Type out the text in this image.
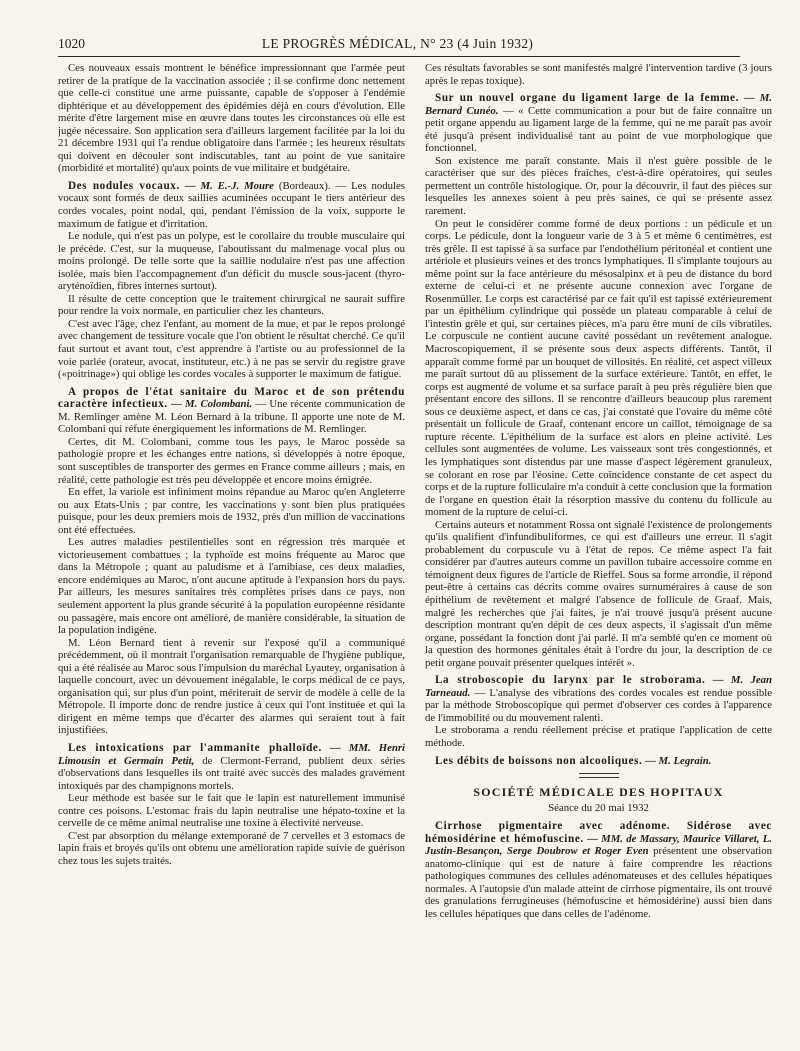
1020	LE PROGRÈS MÉDICAL, N° 23 (4 Juin 1932)

Ces nouveaux essais montrent le bénéfice impressionnant que l'armée peut retirer de la pratique de la vaccination associée ; il se confirme donc nettement que celle-ci constitue une arme puissante, capable de s'opposer à l'endémie diphtérique et au développement des épidémies déjà en cours d'évolution. Elle mérite d'être largement mise en œuvre dans toutes les circonstances où elle est jugée nécessaire. Son application sera d'ailleurs largement facilitée par la loi du 21 décembre 1931 qui l'a rendue obligatoire dans l'armée ; les heureux résultats qui doivent en découler sont indiscutables, tant au point de vue sanitaire (morbidité et mortalité) qu'aux points de vue militaire et budgétaire.

Des nodules vocaux. — M. E.-J. Moure (Bordeaux). — Les nodules vocaux sont formés de deux saillies acuminées occupant le tiers antérieur des cordes vocales, point nodal, qui, pendant l'émission de la voix, supporte le maximum de fatigue et d'irritation.

Le nodule, qui n'est pas un polype, est le corollaire du trouble musculaire qui le précède. C'est, sur la muqueuse, l'aboutissant du malmenage vocal plus ou moins prolongé. De telle sorte que la saillie nodulaire n'est pas une affection isolée, mais bien l'accompagnement d'un déficit du muscle sous-jacent (thyro-aryténoïdien, fibres internes surtout).

Il résulte de cette conception que le traitement chirurgical ne saurait suffire pour rendre la voix normale, en particulier chez les chanteurs.

C'est avec l'âge, chez l'enfant, au moment de la mue, et par le repos prolongé avec changement de tessiture vocale que l'on obtient le résultat cherché. Ce qu'il faut surtout et avant tout, c'est apprendre à l'artiste ou au professionnel de la voie parlée (orateur, avocat, instituteur, etc.) à ne pas se servir du registre grave («poitrinage») qui oblige les cordes vocales à supporter le maximum de fatigue.

A propos de l'état sanitaire du Maroc et de son prétendu caractère infectieux. — M. Colombani. — Une récente communication de M. Remlinger amène M. Léon Bernard à la tribune. Il apporte une note de M. Colombani qui réfute énergiquement les informations de M. Remlinger.

Certes, dit M. Colombani, comme tous les pays, le Maroc possède sa pathologie propre et les échanges entre nations, si développés à notre époque, sont susceptibles de transporter des germes en France comme ailleurs ; mais, en réalité, cette pathologie est très peu développée et encore moins émigrée.

En effet, la variole est infiniment moins répandue au Maroc qu'en Angleterre ou aux Etats-Unis ; par contre, les vaccinations y sont bien plus pratiquées puisque, pour les deux premiers mois de 1932, près d'un million de vaccinations ont été effectuées.

Les autres maladies pestilentielles sont en régression très marquée et victorieusement combattues ; la typhoïde est moins fréquente au Maroc que dans la Métropole ; quant au paludisme et à l'amibiase, ces deux maladies, encore endémiques au Maroc, n'ont aucune aptitude à l'expansion hors du pays. Par ailleurs, les mesures sanitaires très complètes prises dans ce pays, non seulement apportent la plus grande sécurité à la population européenne résidante ou passagère, mais encore ont amélioré, de manière considérable, la situation de la population indigène.

M. Léon Bernard tient à revenir sur l'exposé qu'il a communiqué précédemment, où il montrait l'organisation remarquable de l'hygiène publique, qui a été réalisée au Maroc sous l'impulsion du maréchal Lyautey, organisation à laquelle concourt, avec un dévouement inégalable, le corps médical de ce pays, organisation qui, sur plus d'un point, mériterait de servir de modèle à celle de la Métropole. Il importe donc de rendre justice à ceux qui l'ont instituée et qui la dirigent en même temps que d'écarter des alarmes qui seraient tout à fait injustifiées.

Les intoxications par l'ammanite phalloïde. — MM. Henri Limousin et Germain Petit, de Clermont-Ferrand, publient deux séries d'observations dans lesquelles ils ont traité avec succès des malades gravement intoxiqués par des champignons mortels.

Leur méthode est basée sur le fait que le lapin est naturellement immunisé contre ces poisons. L'estomac frais du lapin neutralise une hépato-toxine et la cervelle de ce même animal neutralise une toxine à électivité nerveuse.

C'est par absorption du mélange extemporané de 7 cervelles et 3 estomacs de lapin frais et broyés qu'ils ont obtenu une amélioration rapide suivie de guérison chez tous les sujets traités.

Ces résultats favorables se sont manifestés malgré l'intervention tardive (3 jours après le repas toxique).

Sur un nouvel organe du ligament large de la femme. — M. Bernard Cunéo. — « Cette communication a pour but de faire connaître un petit organe appendu au ligament large de la femme, qui ne me paraît pas avoir été jusqu'à présent individualisé tant au point de vue morphologique que fonctionnel.

Son existence me paraît constante. Mais il n'est guère possible de le caractériser que sur des pièces fraîches, c'est-à-dire opératoires, qui seules permettent un contrôle histologique. Or, pour la découvrir, il faut des pièces sur lesquelles les annexes soient à peu près saines, ce qui se présente assez rarement.

On peut le considérer comme formé de deux portions : un pédicule et un corps. Le pédicule, dont la longueur varie de 3 à 5 et même 6 centimètres, est très grêle. Il est tapissé à sa surface par l'endothélium péritonéal et contient une artériole et plusieurs veines et des troncs lymphatiques. Il s'implante toujours au même point sur la face antérieure du mésosalpinx et à peu de distance du bord externe de celui-ci et ne présente aucune connexion avec l'organe de Rosenmüller. Le corps est caractérisé par ce fait qu'il est tapissé extérieurement par un épithélium cylindrique qui possède un plateau comparable à celui de l'intestin grêle et qui, sur certaines pièces, m'a paru être muni de cils vibratiles. Le corpuscule ne contient aucune cavité possédant un revêtement analogue. Macroscopiquement, il se présente sous deux aspects différents. Tantôt, il apparaît comme formé par un bouquet de villosités. En réalité, cet aspect villeux me paraît surtout dû au plissement de la surface extérieure. Tantôt, en effet, le corps est augmenté de volume et sa surface paraît à peu près régulière bien que présentant encore des sillons. Il se rencontre d'ailleurs beaucoup plus rarement sous ce deuxième aspect, et dans ce cas, j'ai constaté que l'ovaire du même côté présentait un follicule de Graaf, contenant encore un caillot, témoignage de sa rupture récente. L'épithélium de la surface est alors en pleine activité. Les cellules sont augmentées de volume. Les vaisseaux sont très congestionnés, et les lymphatiques sont distendus par une masse d'aspect légèrement granuleux, se colorant en rose par l'éosine. Cette coïncidence constante de cet aspect du corps et de la rupture folliculaire m'a conduit à cette conclusion que la formation de l'organe en question était la résorption massive du contenu du follicule au moment de la rupture de celui-ci.

Certains auteurs et notamment Rossa ont signalé l'existence de prolongements qu'ils qualifient d'infundibuliformes, ce qui est d'ailleurs une erreur. Il s'agit probablement du corpuscule vu à l'état de repos. Ce même aspect l'a fait considérer par d'autres auteurs comme un pavillon tubaire accessoire comme en témoignent deux figures de l'article de Rieffel. Sous sa forme arrondie, il répond peut-être à certains cas décrits comme ovaires surnuméraires à cause de son épithélium de revêtement et malgré l'absence de follicule de Graaf. Mais, malgré les recherches que j'ai faites, je n'ai trouvé jusqu'à présent aucune description montrant qu'en dépit de ces deux aspects, il s'agissait d'un même organe, possédant la fonction dont j'ai parlé. Il m'a semblé qu'en ce moment où la question des hormones génitales était à l'ordre du jour, la description de ce petit organe pouvait présenter quelques intérêt ».

La stroboscopie du larynx par le stroborama. — M. Jean Tarneaud. — L'analyse des vibrations des cordes vocales est rendue possible par la méthode Stroboscopique qui permet d'observer ces cordes à l'apparence de l'immobilité ou du mouvement ralenti.

Le stroborama a rendu réellement précise et pratique l'application de cette méthode.

Les débits de boissons non alcooliques. — M. Legrain.

SOCIÉTÉ MÉDICALE DES HOPITAUX
Séance du 20 mai 1932

Cirrhose pigmentaire avec adénome. Sidérose avec hémosidérine et hémofuscine. — MM. de Massary, Maurice Villaret, L. Justin-Besançon, Serge Doubrow et Roger Even présentent une observation anatomo-clinique qui est de nature à faire comprendre les réactions pathologiques communes des cellules adénomateuses et des cellules hépatiques normales. A l'autopsie d'un malade atteint de cirrhose pigmentaire, ils ont trouvé des granulations ferrugineuses (hémofuscine et hémosidérine) aussi bien dans les cellules hépatiques que dans celles de l'adénome.
